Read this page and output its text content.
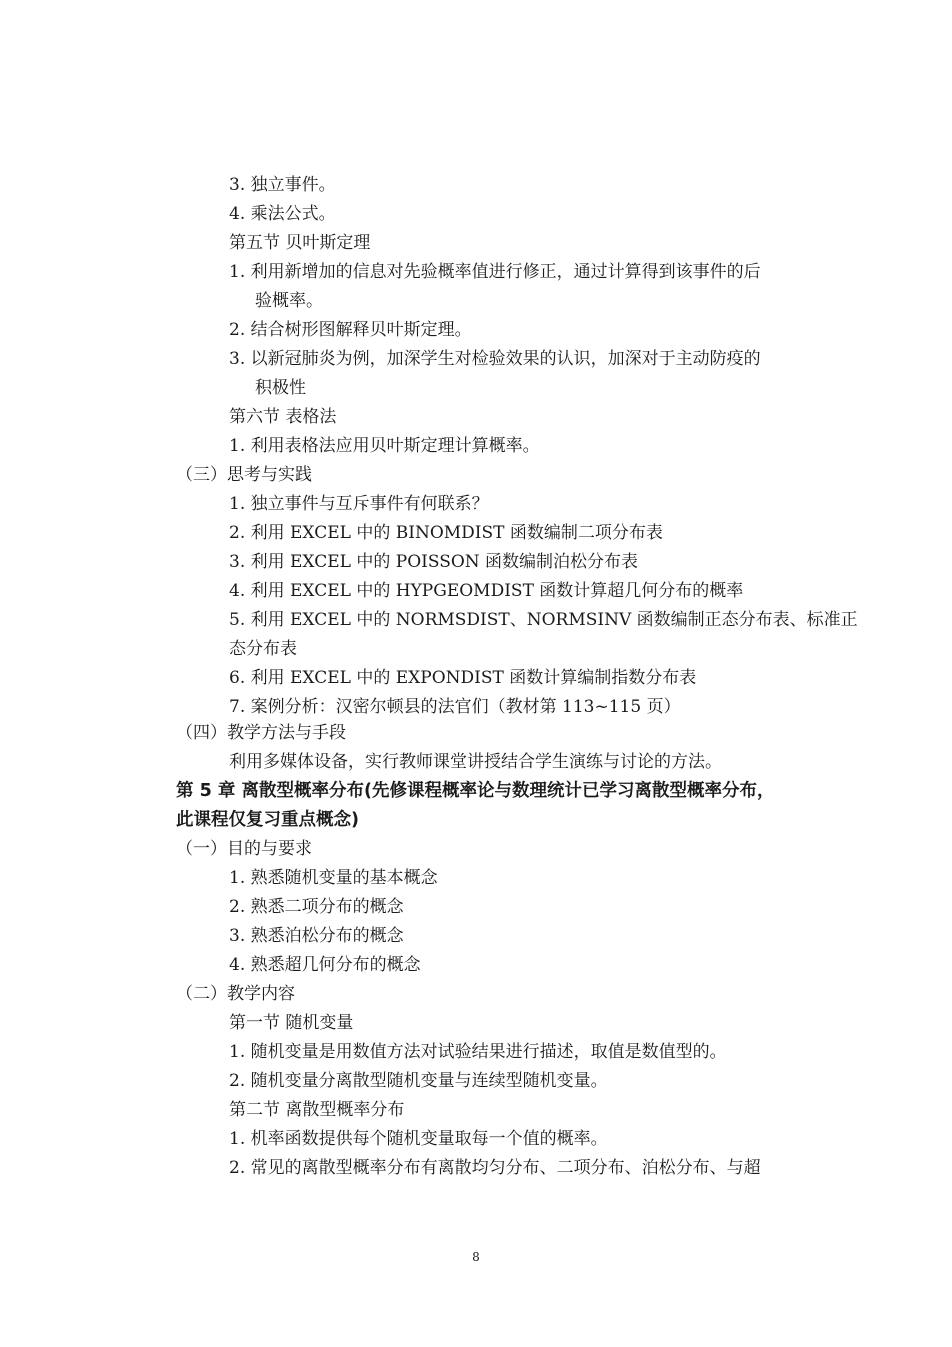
3. 独立事件。
4. 乘法公式。
第五节 贝叶斯定理
1. 利用新增加的信息对先验概率值进行修正，通过计算得到该事件的后
验概率。
2. 结合树形图解释贝叶斯定理。
3. 以新冠肺炎为例，加深学生对检验效果的认识，加深对于主动防疫的
积极性
第六节 表格法
1. 利用表格法应用贝叶斯定理计算概率。
（三）思考与实践
1. 独立事件与互斥事件有何联系？
2. 利用 EXCEL 中的 BINOMDIST 函数编制二项分布表
3. 利用 EXCEL 中的 POISSON 函数编制泊松分布表
4. 利用 EXCEL 中的 HYPGEOMDIST 函数计算超几何分布的概率
5. 利用 EXCEL 中的 NORMSDIST、NORMSINV 函数编制正态分布表、标准正
态分布表
6. 利用 EXCEL 中的 EXPONDIST 函数计算编制指数分布表
7. 案例分析：汉密尔顿县的法官们（教材第 113~115 页）
（四）教学方法与手段
利用多媒体设备，实行教师课堂讲授结合学生演练与讨论的方法。
第 5 章 离散型概率分布(先修课程概率论与数理统计已学习离散型概率分布，
此课程仅复习重点概念)
（一）目的与要求
1. 熟悉随机变量的基本概念
2. 熟悉二项分布的概念
3. 熟悉泊松分布的概念
4. 熟悉超几何分布的概念
（二）教学内容
第一节 随机变量
1. 随机变量是用数值方法对试验结果进行描述，取值是数值型的。
2. 随机变量分离散型随机变量与连续型随机变量。
第二节 离散型概率分布
1. 机率函数提供每个随机变量取每一个值的概率。
2. 常见的离散型概率分布有离散均匀分布、二项分布、泊松分布、与超
8
